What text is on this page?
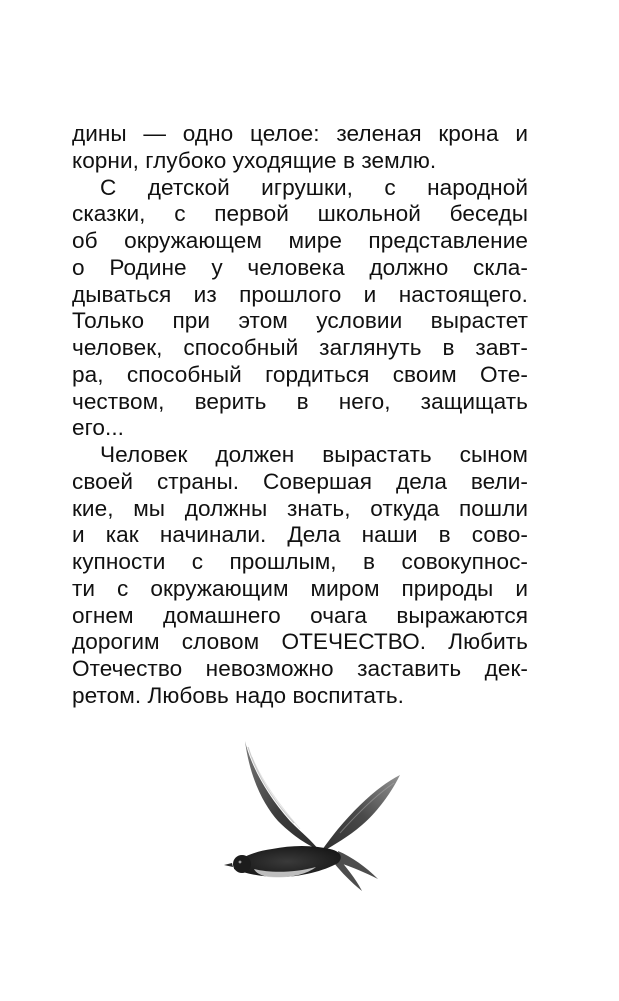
дины — одно целое: зеленая крона и
корни, глубоко уходящие в землю.
С детской игрушки, с народной
сказки, с первой школьной беседы
об окружающем мире представление
о Родине у человека должно скла-
дываться из прошлого и настоящего.
Только при этом условии вырастет
человек, способный заглянуть в завт-
ра, способный гордиться своим Оте-
чеством, верить в него, защищать
его...
Человек должен вырастать сыном
своей страны. Совершая дела вели-
кие, мы должны знать, откуда пошли
и как начинали. Дела наши в сово-
купности с прошлым, в совокупнос-
ти с окружающим миром природы и
огнем домашнего очага выражаются
дорогим словом ОТЕЧЕСТВО. Любить
Отечество невозможно заставить дек-
ретом. Любовь надо воспитать.
